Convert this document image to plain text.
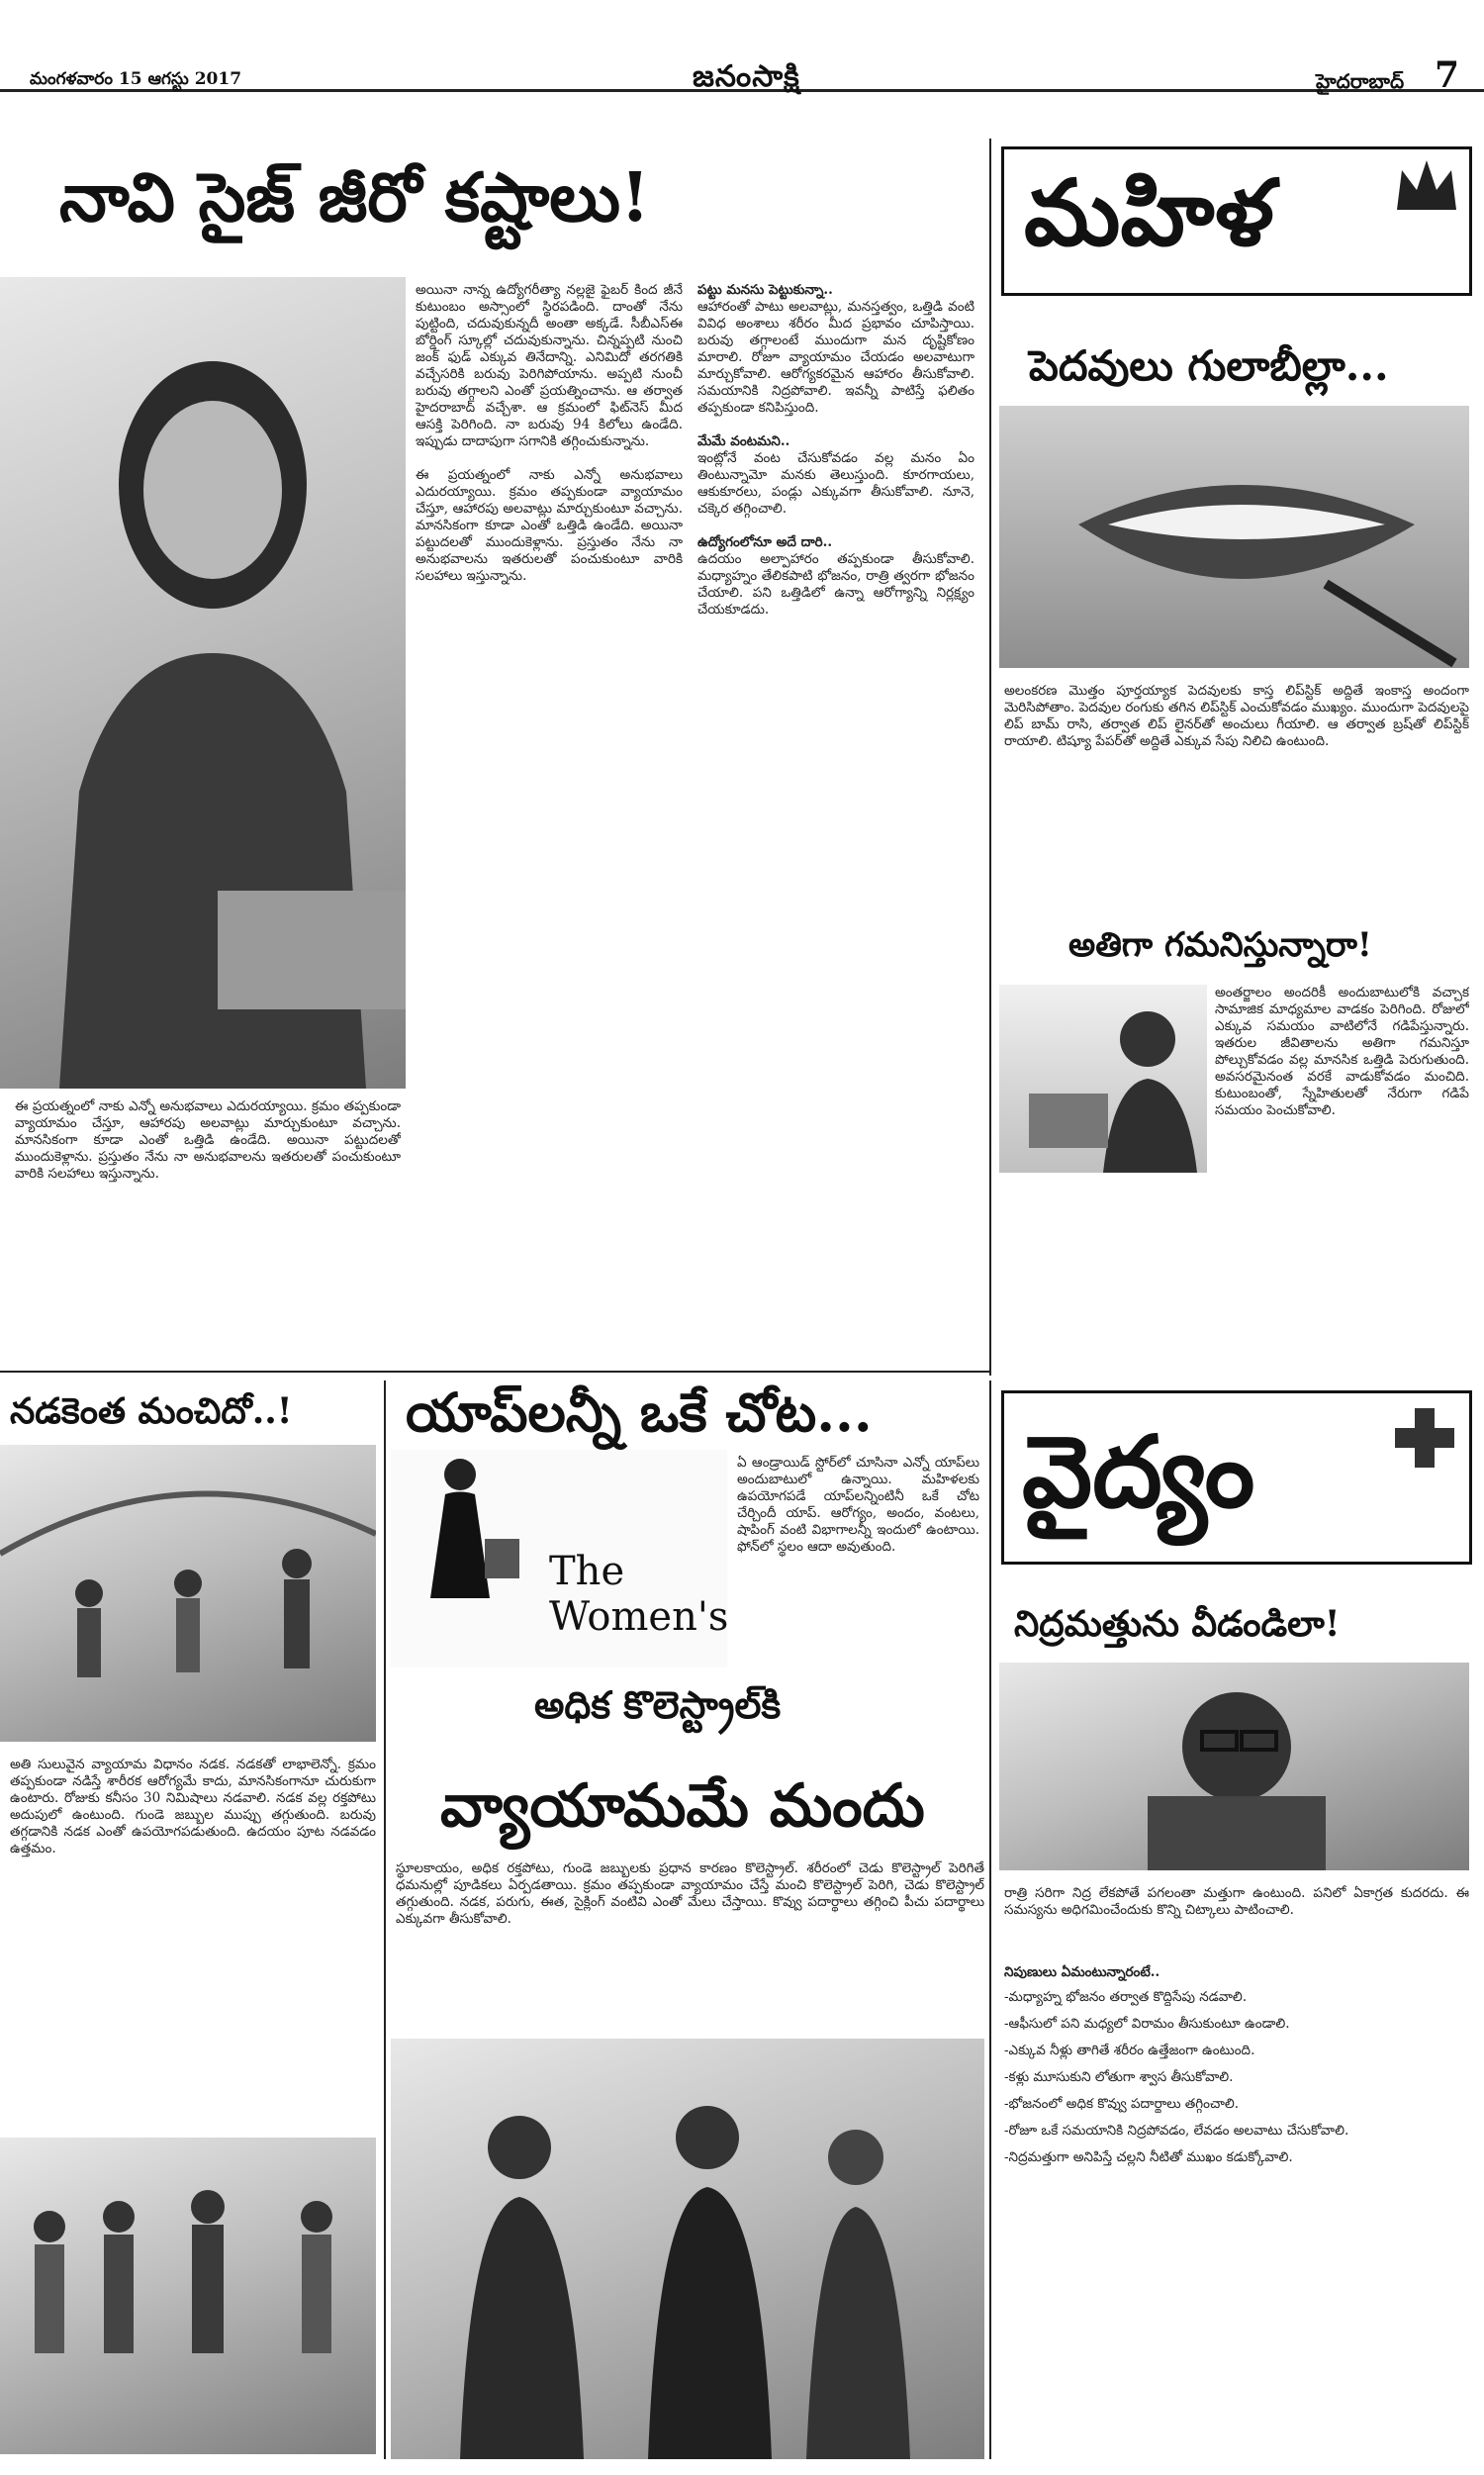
మంగళవారం 15 ఆగస్టు 2017	జనంసాక్షి	హైదరాబాద్ 7
నావి సైజ్ జీరో కష్టాలు!
అయినా నాన్న ఉద్యోగరీత్యా నల్లజై ఫైబర్ కింద జీనే కుటుంబం అస్సాంలో స్థిరపడింది. దాంతో నేను పుట్టింది, చదువుకున్నదీ అంతా అక్కడే. సీబీఎస్ఈ బోర్డింగ్ స్కూల్లో చదువుకున్నాను. చిన్నప్పటి నుంచి జంక్ ఫుడ్ ఎక్కువ తినేదాన్ని. ఎనిమిదో తరగతికి వచ్చేసరికి బరువు పెరిగిపోయాను. అప్పటి నుంచీ బరువు తగ్గాలని ఎంతో ప్రయత్నించాను. ఆ తర్వాత హైదరాబాద్ వచ్చేశా. ఆ క్రమంలో ఫిట్‌నెస్ మీద ఆసక్తి పెరిగింది. నా బరువు 94 కిలోలు ఉండేది. ఇప్పుడు దాదాపుగా సగానికి తగ్గించుకున్నాను.

ఈ ప్రయత్నంలో నాకు ఎన్నో అనుభవాలు ఎదురయ్యాయి. క్రమం తప్పకుండా వ్యాయామం చేస్తూ, ఆహారపు అలవాట్లు మార్చుకుంటూ వచ్చాను. మానసికంగా కూడా ఎంతో ఒత్తిడి ఉండేది. అయినా పట్టుదలతో ముందుకెళ్లాను. ప్రస్తుతం నేను నా అనుభవాలను ఇతరులతో పంచుకుంటూ వారికి సలహాలు ఇస్తున్నాను.
పట్టు మనసు పెట్టుకున్నా..
ఆహారంతో పాటు అలవాట్లు, మనస్తత్వం, ఒత్తిడి వంటి వివిధ అంశాలు శరీరం మీద ప్రభావం చూపిస్తాయి. బరువు తగ్గాలంటే ముందుగా మన దృష్టికోణం మారాలి. రోజూ వ్యాయామం చేయడం అలవాటుగా మార్చుకోవాలి. ఆరోగ్యకరమైన ఆహారం తీసుకోవాలి. సమయానికి నిద్రపోవాలి. ఇవన్నీ పాటిస్తే ఫలితం తప్పకుండా కనిపిస్తుంది.

మేమే వంటమని..
ఇంట్లోనే వంట చేసుకోవడం వల్ల మనం ఏం తింటున్నామో మనకు తెలుస్తుంది. కూరగాయలు, ఆకుకూరలు, పండ్లు ఎక్కువగా తీసుకోవాలి. నూనె, చక్కెర తగ్గించాలి.

ఉద్యోగంలోనూ అదే దారి..
ఉదయం అల్పాహారం తప్పకుండా తీసుకోవాలి. మధ్యాహ్నం తేలికపాటి భోజనం, రాత్రి త్వరగా భోజనం చేయాలి. పని ఒత్తిడిలో ఉన్నా ఆరోగ్యాన్ని నిర్లక్ష్యం చేయకూడదు.
ఈ ప్రయత్నంలో నాకు ఎన్నో అనుభవాలు ఎదురయ్యాయి. క్రమం తప్పకుండా వ్యాయామం చేస్తూ, ఆహారపు అలవాట్లు మార్చుకుంటూ వచ్చాను. మానసికంగా కూడా ఎంతో ఒత్తిడి ఉండేది. అయినా పట్టుదలతో ముందుకెళ్లాను. ప్రస్తుతం నేను నా అనుభవాలను ఇతరులతో పంచుకుంటూ వారికి సలహాలు ఇస్తున్నాను.
మహిళ
పెదవులు గులాబీల్లా...
అలంకరణ మొత్తం పూర్తయ్యాక పెదవులకు కాస్త లిప్‌స్టిక్ అద్దితే ఇంకాస్త అందంగా మెరిసిపోతాం. పెదవుల రంగుకు తగిన లిప్‌స్టిక్ ఎంచుకోవడం ముఖ్యం. ముందుగా పెదవులపై లిప్ బామ్ రాసి, తర్వాత లిప్ లైనర్‌తో అంచులు గీయాలి. ఆ తర్వాత బ్రష్‌తో లిప్‌స్టిక్ రాయాలి. టిష్యూ పేపర్‌తో అద్దితే ఎక్కువ సేపు నిలిచి ఉంటుంది.
అతిగా గమనిస్తున్నారా!
అంతర్జాలం అందరికీ అందుబాటులోకి వచ్చాక సామాజిక మాధ్యమాల వాడకం పెరిగింది. రోజులో ఎక్కువ సమయం వాటిలోనే గడిపేస్తున్నారు. ఇతరుల జీవితాలను అతిగా గమనిస్తూ పోల్చుకోవడం వల్ల మానసిక ఒత్తిడి పెరుగుతుంది. అవసరమైనంత వరకే వాడుకోవడం మంచిది. కుటుంబంతో, స్నేహితులతో నేరుగా గడిపే సమయం పెంచుకోవాలి.
నడకెంత మంచిదో..!
అతి సులువైన వ్యాయామ విధానం నడక. నడకతో లాభాలెన్నో. క్రమం తప్పకుండా నడిస్తే శారీరక ఆరోగ్యమే కాదు, మానసికంగానూ చురుకుగా ఉంటారు. రోజుకు కనీసం 30 నిమిషాలు నడవాలి. నడక వల్ల రక్తపోటు అదుపులో ఉంటుంది. గుండె జబ్బుల ముప్పు తగ్గుతుంది. బరువు తగ్గడానికి నడక ఎంతో ఉపయోగపడుతుంది. ఉదయం పూట నడవడం ఉత్తమం.
యాప్‌లన్నీ ఒకే చోట...
The Women's
ఏ ఆండ్రాయిడ్ స్టోర్‌లో చూసినా ఎన్నో యాప్‌లు అందుబాటులో ఉన్నాయి. మహిళలకు ఉపయోగపడే యాప్‌లన్నింటినీ ఒకే చోట చేర్చిందీ యాప్. ఆరోగ్యం, అందం, వంటలు, షాపింగ్ వంటి విభాగాలన్నీ ఇందులో ఉంటాయి. ఫోన్‌లో స్థలం ఆదా అవుతుంది.
అధిక కొలెస్ట్రాల్‌కి
వ్యాయామమే మందు
స్థూలకాయం, అధిక రక్తపోటు, గుండె జబ్బులకు ప్రధాన కారణం కొలెస్ట్రాల్. శరీరంలో చెడు కొలెస్ట్రాల్ పెరిగితే ధమనుల్లో పూడికలు ఏర్పడతాయి. క్రమం తప్పకుండా వ్యాయామం చేస్తే మంచి కొలెస్ట్రాల్ పెరిగి, చెడు కొలెస్ట్రాల్ తగ్గుతుంది. నడక, పరుగు, ఈత, సైక్లింగ్ వంటివి ఎంతో మేలు చేస్తాయి. కొవ్వు పదార్థాలు తగ్గించి పీచు పదార్థాలు ఎక్కువగా తీసుకోవాలి.
వైద్యం
నిద్రమత్తును వీడండిలా!
రాత్రి సరిగా నిద్ర లేకపోతే పగలంతా మత్తుగా ఉంటుంది. పనిలో ఏకాగ్రత కుదరదు. ఈ సమస్యను అధిగమించేందుకు కొన్ని చిట్కాలు పాటించాలి.
నిపుణులు ఏమంటున్నారంటే..
-మధ్యాహ్న భోజనం తర్వాత కొద్దిసేపు నడవాలి.
-ఆఫీసులో పని మధ్యలో విరామం తీసుకుంటూ ఉండాలి.
-ఎక్కువ నీళ్లు తాగితే శరీరం ఉత్తేజంగా ఉంటుంది.
-కళ్లు మూసుకుని లోతుగా శ్వాస తీసుకోవాలి.
-భోజనంలో అధిక కొవ్వు పదార్థాలు తగ్గించాలి.
-రోజూ ఒకే సమయానికి నిద్రపోవడం, లేవడం అలవాటు చేసుకోవాలి.
-నిద్రమత్తుగా అనిపిస్తే చల్లని నీటితో ముఖం కడుక్కోవాలి.
